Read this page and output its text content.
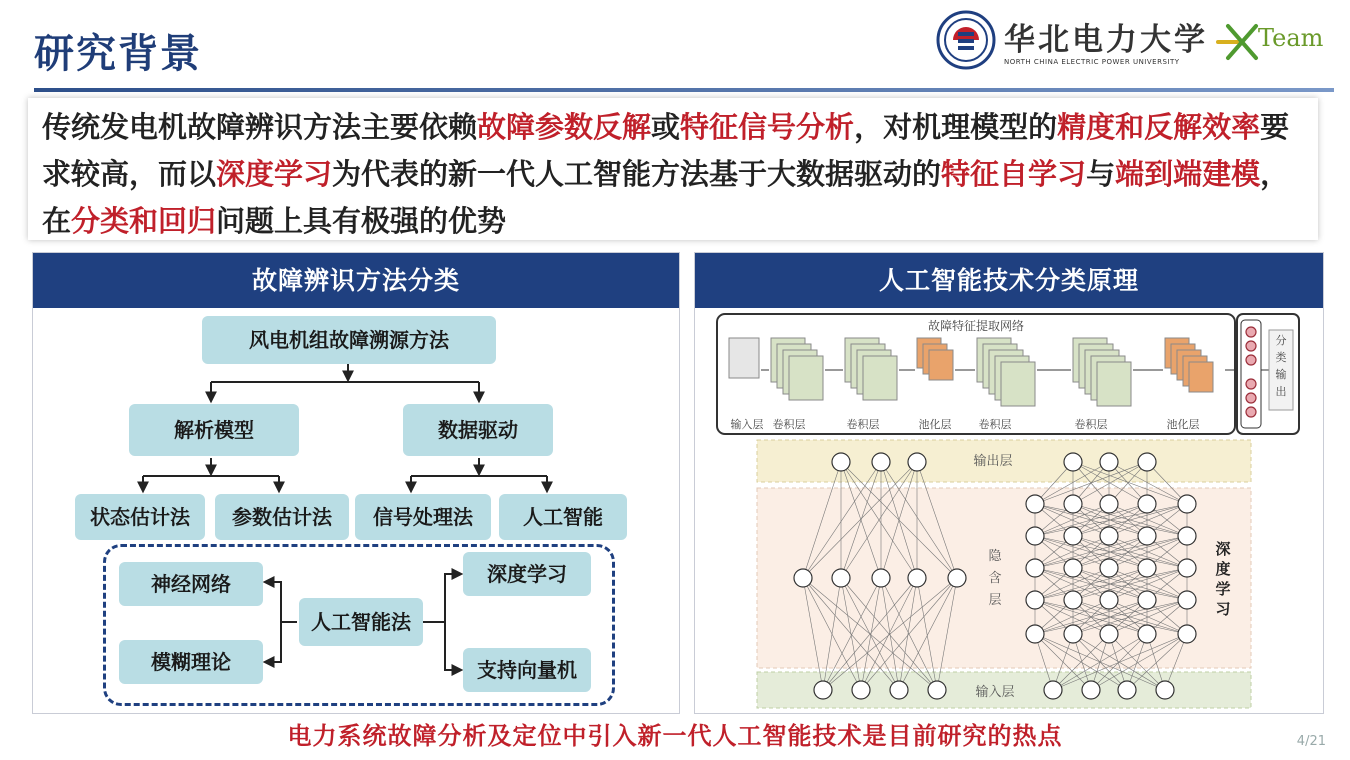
研究背景	华北电力大学
NORTH CHINA ELECTRIC POWER UNIVERSITY
Team

传统发电机故障辨识方法主要依赖故障参数反解或特征信号分析，对机理模型的精度和反解效率要求较高，而以深度学习为代表的新一代人工智能方法基于大数据驱动的特征自学习与端到端建模，在分类和回归问题上具有极强的优势

故障辨识方法分类
风电机组故障溯源方法
解析模型	数据驱动
状态估计法	参数估计法	信号处理法	人工智能
神经网络
模糊理论
人工智能法
深度学习
支持向量机
人工智能技术分类原理
故障特征提取网络
输入层 卷积层	卷积层	池化层 卷积层	卷积层	池化层
分类输出
输出层
隐含层
输入层
深度学习
电力系统故障分析及定位中引入新一代人工智能技术是目前研究的热点	4/21
